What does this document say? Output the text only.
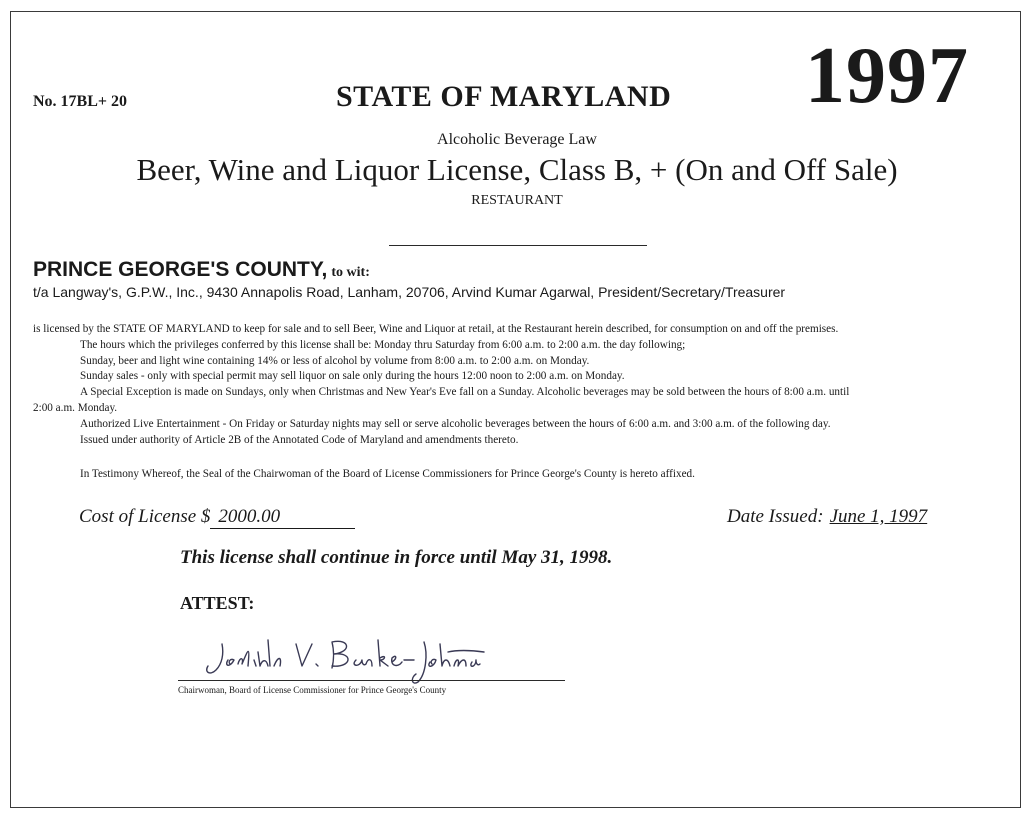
No. 17BL+ 20	STATE OF MARYLAND 1997
Alcoholic Beverage Law
Beer, Wine and Liquor License, Class B, + (On and Off Sale)
RESTAURANT
PRINCE GEORGE'S COUNTY, to wit:
t/a Langway's, G.P.W., Inc., 9430 Annapolis Road, Lanham, 20706, Arvind Kumar Agarwal, President/Secretary/Treasurer
is licensed by the STATE OF MARYLAND to keep for sale and to sell Beer, Wine and Liquor at retail, at the Restaurant herein described, for consumption on and off the premises.
The hours which the privileges conferred by this license shall be: Monday thru Saturday from 6:00 a.m. to 2:00 a.m. the day following;
Sunday, beer and light wine containing 14% or less of alcohol by volume from 8:00 a.m. to 2:00 a.m. on Monday.
Sunday sales - only with special permit may sell liquor on sale only during the hours 12:00 noon to 2:00 a.m. on Monday.
A Special Exception is made on Sundays, only when Christmas and New Year's Eve fall on a Sunday. Alcoholic beverages may be sold between the hours of 8:00 a.m. until
2:00 a.m. Monday.
Authorized Live Entertainment - On Friday or Saturday nights may sell or serve alcoholic beverages between the hours of 6:00 a.m. and 3:00 a.m. of the following day.
Issued under authority of Article 2B of the Annotated Code of Maryland and amendments thereto.
In Testimony Whereof, the Seal of the Chairwoman of the Board of License Commissioners for Prince George's County is hereto affixed.
Cost of License $ 2000.00	Date Issued: June 1, 1997
This license shall continue in force until May 31, 1998.
ATTEST:
Chairwoman, Board of License Commissioner for Prince George's County
